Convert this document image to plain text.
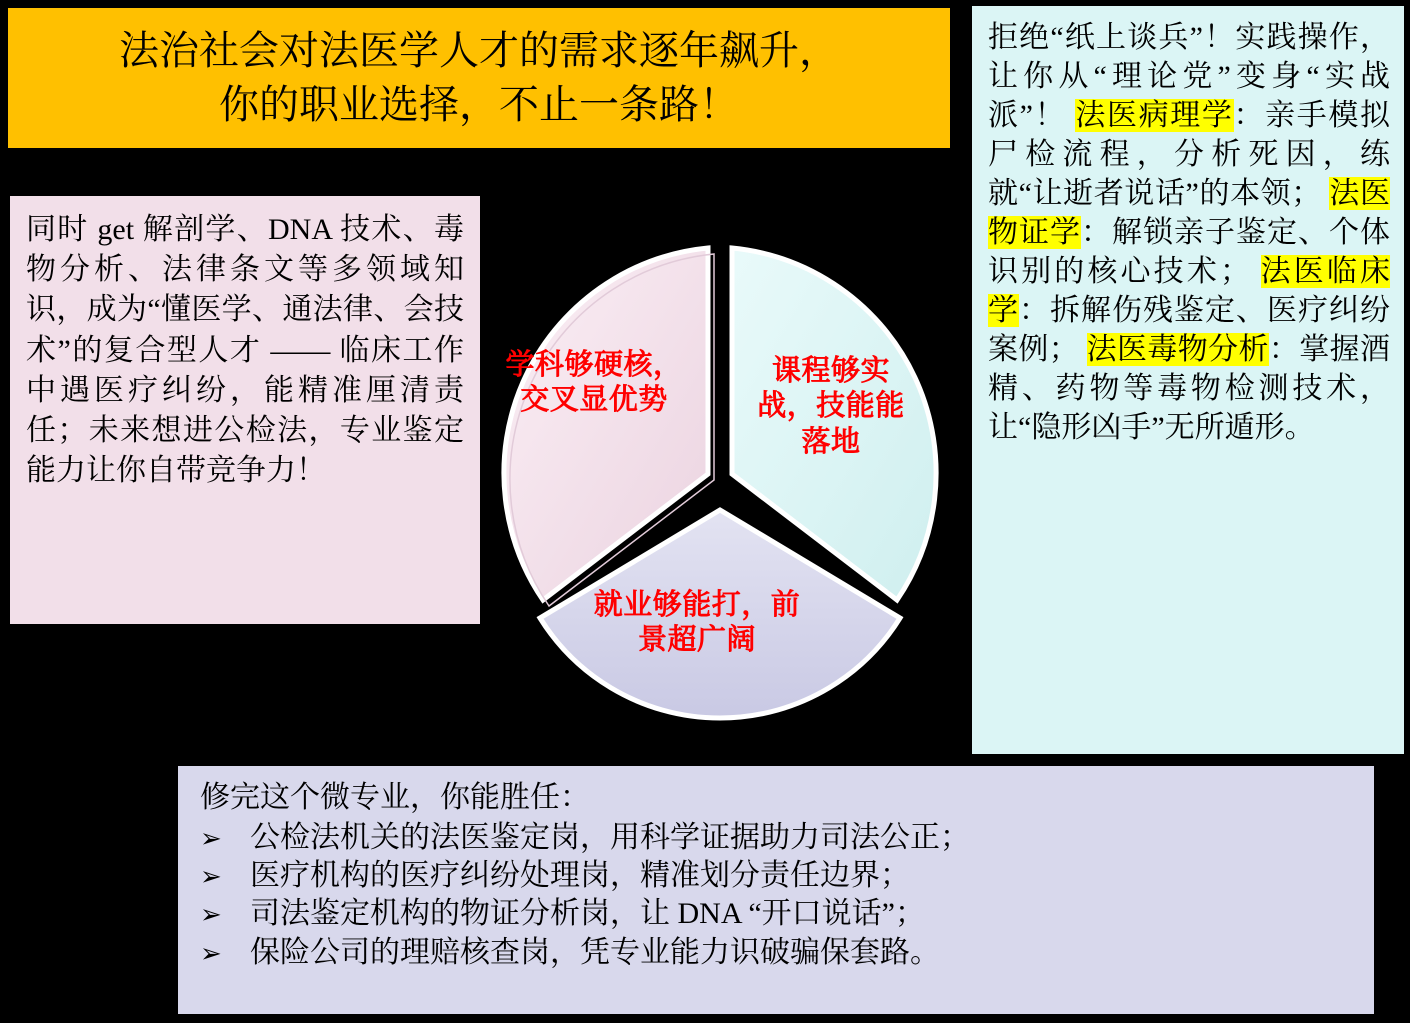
法治社会对法医学人才的需求逐年飙升，
你的职业选择，不止一条路！
同时 get 解剖学、DNA 技术、毒物分析、法律条文等多领域知识，成为“懂医学、通法律、会技术”的复合型人才 —— 临床工作中遇医疗纠纷，能精准厘清责任；未来想进公检法，专业鉴定能力让你自带竞争力！
拒绝“纸上谈兵”！实践操作，让你从“理论党”变身“实战派”！ 法医病理学：亲手模拟尸检流程，分析死因，练就“让逝者说话”的本领； 法医物证学：解锁亲子鉴定、个体识别的核心技术； 法医临床学：拆解伤残鉴定、医疗纠纷案例； 法医毒物分析：掌握酒精、药物等毒物检测技术，让“隐形凶手”无所遁形。
学科够硬核，交叉显优势
课程够实战，技能能落地
就业够能打，前景超广阔
修完这个微专业，你能胜任：
➢ 公检法机关的法医鉴定岗，用科学证据助力司法公正；
➢ 医疗机构的医疗纠纷处理岗，精准划分责任边界；
➢ 司法鉴定机构的物证分析岗，让 DNA “开口说话”；
➢ 保险公司的理赔核查岗，凭专业能力识破骗保套路。
